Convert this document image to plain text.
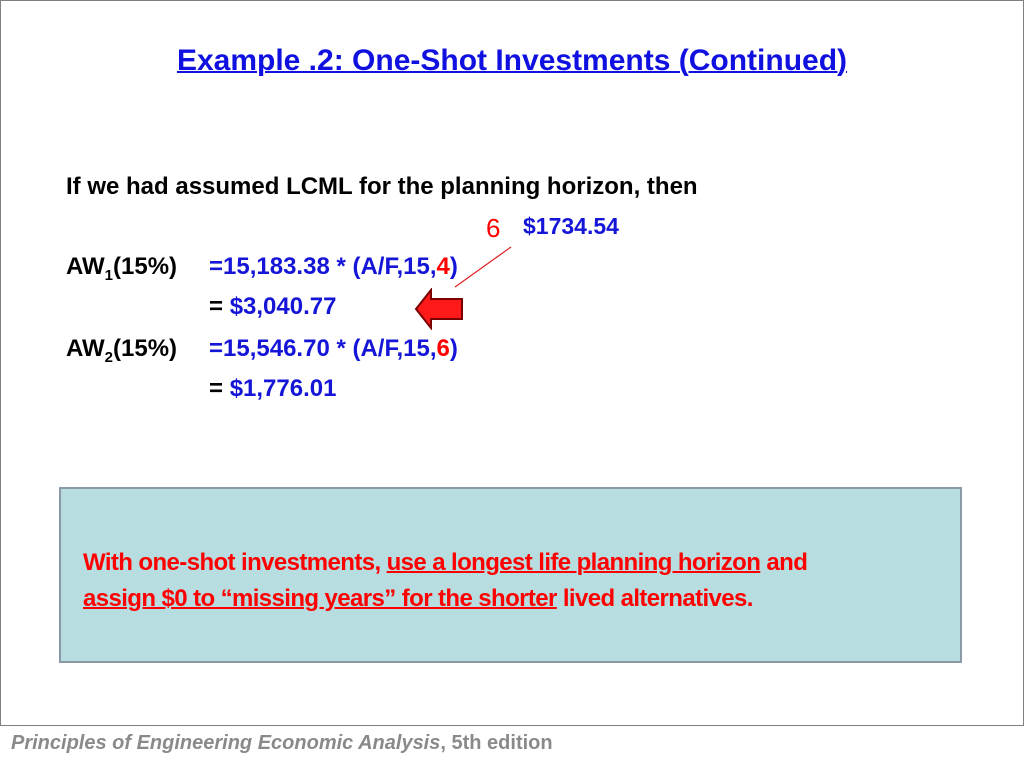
Example .2: One-Shot Investments (Continued)
If we had assumed LCML for the planning horizon, then
6 $1734.54
$AW_1(15\%) =15,183.38 * (A/F,15,4)$
= $3,040.77
$AW_2(15\%) =15,546.70 * (A/F,15,6)$
= $1,776.01
With one-shot investments, use a longest life planning horizon and
assign $0 to “missing years” for the shorter lived alternatives.
Principles of Engineering Economic Analysis, 5th edition
